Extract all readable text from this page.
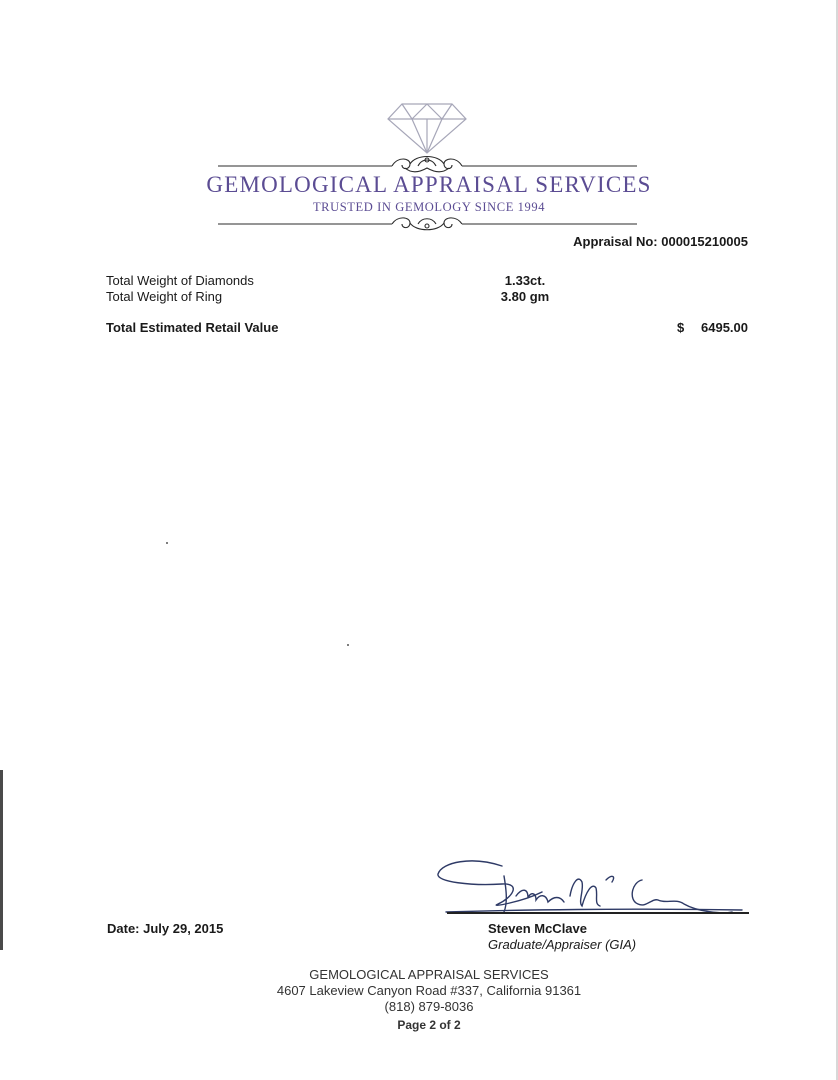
GEMOLOGICAL APPRAISAL SERVICES
TRUSTED IN GEMOLOGY SINCE 1994
Appraisal No: 000015210005
Total Weight of Diamonds	1.33ct.
Total Weight of Ring	3.80 gm
Total Estimated Retail Value	$ 6495.00
Date: July 29, 2015	Steven McClave
Graduate/Appraiser (GIA)
GEMOLOGICAL APPRAISAL SERVICES
4607 Lakeview Canyon Road #337, California 91361
(818) 879-8036
Page 2 of 2
